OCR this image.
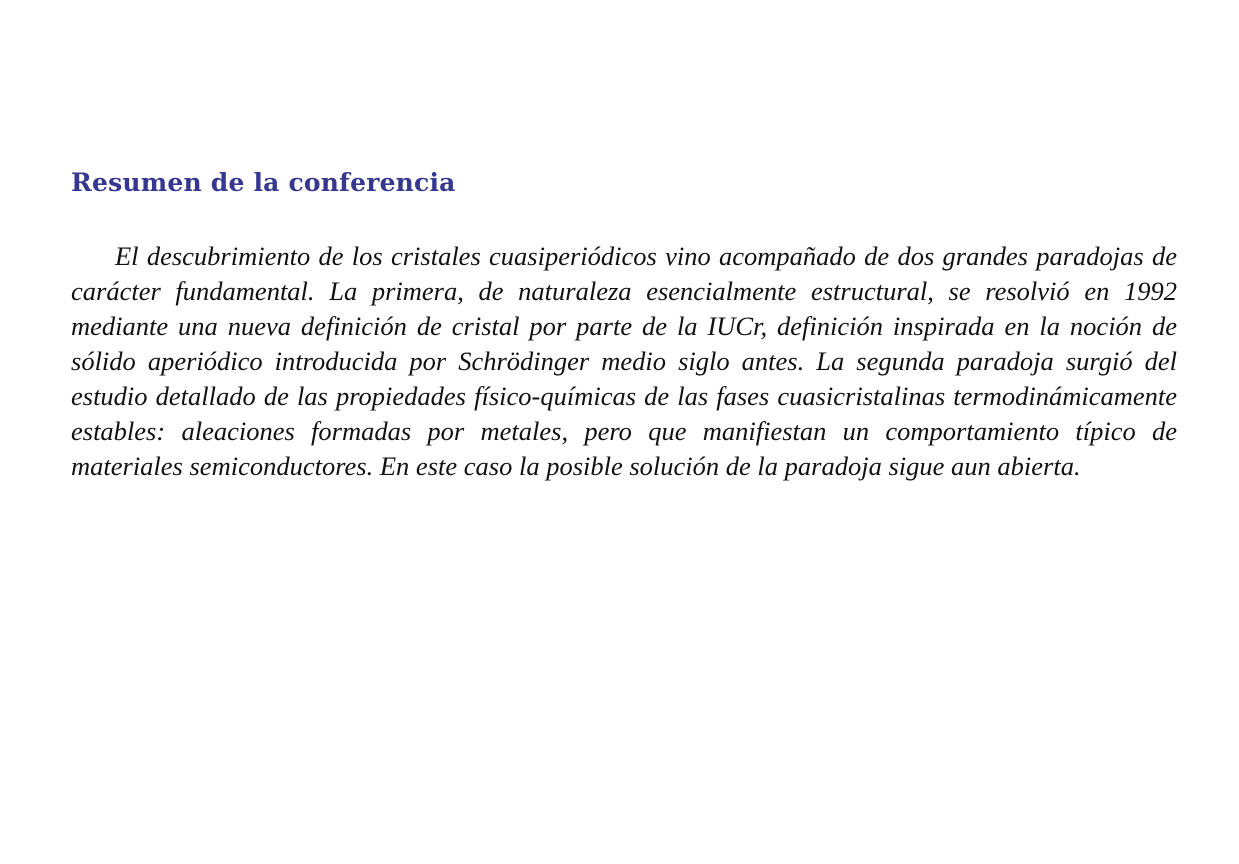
Resumen de la conferencia

El descubrimiento de los cristales cuasiperiódicos vino acompañado de dos grandes paradojas de carácter fundamental. La primera, de naturaleza esencialmente estructural, se resolvió en 1992 mediante una nueva definición de cristal por parte de la IUCr, definición inspirada en la noción de sólido aperiódico introducida por Schrödinger medio siglo antes. La segunda paradoja surgió del estudio detallado de las propiedades físico-químicas de las fases cuasicristalinas termodinámicamente estables: aleaciones formadas por metales, pero que manifiestan un comportamiento típico de materiales semiconductores. En este caso la posible solución de la paradoja sigue aun abierta.
